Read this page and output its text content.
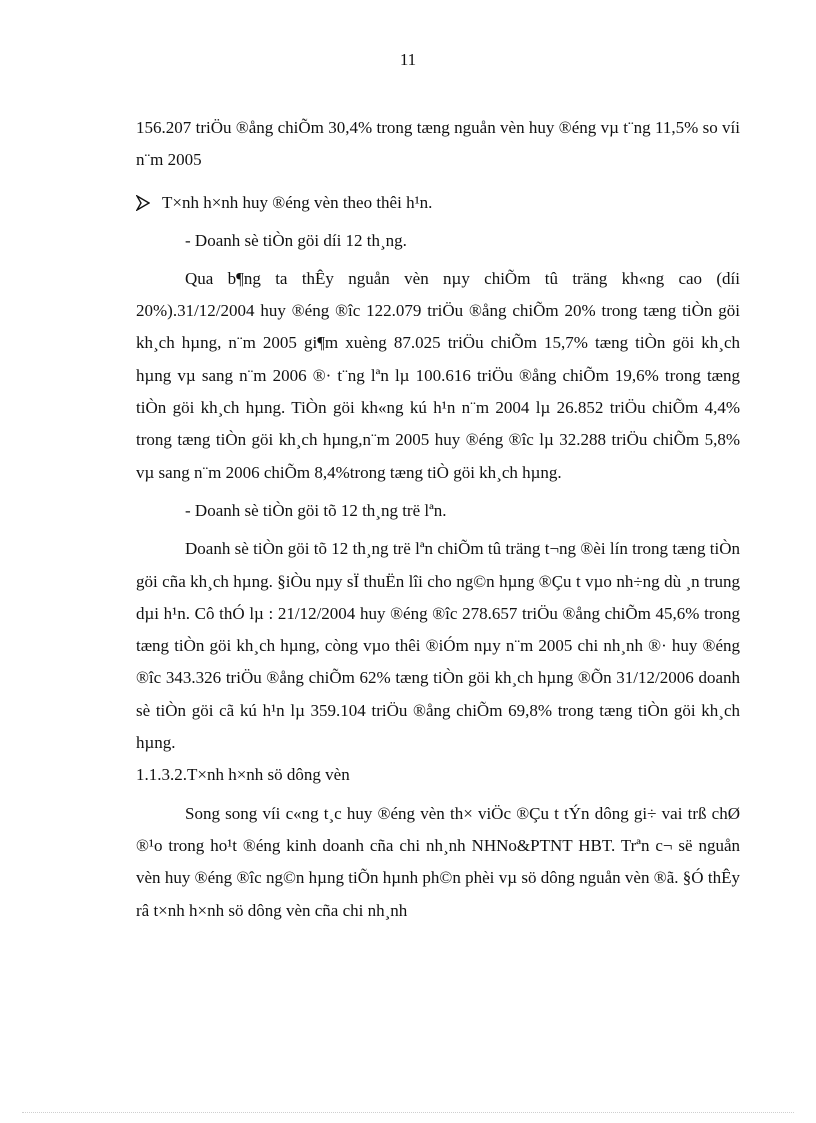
11

156.207 triÖu ®ång chiÕm 30,4% trong tæng nguån vèn huy ®éng vµ t¨ng 11,5% so víi n¨m 2005

T×nh h×nh huy ®éng vèn theo thêi h¹n.

- Doanh sè tiÒn göi díi 12 th¸ng.

Qua b¶ng ta thÊy nguån vèn nµy chiÕm tû träng kh«ng cao (díi 20%).31/12/2004 huy ®éng ®îc 122.079 triÖu ®ång chiÕm 20% trong tæng tiÒn göi kh¸ch hµng, n¨m 2005 gi¶m xuèng 87.025 triÖu chiÕm 15,7% tæng tiÒn göi kh¸ch hµng vµ sang n¨m 2006 ®· t¨ng lªn lµ 100.616 triÖu ®ång chiÕm 19,6% trong tæng tiÒn göi kh¸ch hµng. TiÒn göi kh«ng kú h¹n n¨m 2004 lµ 26.852 triÖu chiÕm 4,4% trong tæng tiÒn göi kh¸ch hµng,n¨m 2005 huy ®éng ®îc lµ 32.288 triÖu chiÕm 5,8% vµ sang n¨m 2006 chiÕm 8,4%trong tæng tiÒ göi kh¸ch hµng.

- Doanh sè tiÒn göi tõ 12 th¸ng trë lªn.

Doanh sè tiÒn göi tõ 12 th¸ng trë lªn chiÕm tû träng t¬ng ®èi lín trong tæng tiÒn göi cña kh¸ch hµng. §iÒu nµy sÏ thuËn lîi cho ng©n hµng ®Çu t vµo nh÷ng dù ¸n trung dµi h¹n. Cô thÓ lµ : 21/12/2004 huy ®éng ®îc 278.657 triÖu ®ång chiÕm 45,6% trong tæng tiÒn göi kh¸ch hµng, còng vµo thêi ®iÓm nµy n¨m 2005 chi nh¸nh ®· huy ®éng ®îc 343.326 triÖu ®ång chiÕm 62% tæng tiÒn göi kh¸ch hµng ®Õn 31/12/2006 doanh sè tiÒn göi cã kú h¹n lµ 359.104 triÖu ®ång chiÕm 69,8% trong tæng tiÒn göi kh¸ch hµng.

1.1.3.2.T×nh h×nh sö dông vèn

Song song víi c«ng t¸c huy ®éng vèn th× viÖc ®Çu t tÝn dông gi÷ vai trß chØ ®¹o trong ho¹t ®éng kinh doanh cña chi nh¸nh NHNo&PTNT HBT. Trªn c¬ së nguån vèn huy ®éng ®îc ng©n hµng tiÕn hµnh ph©n phèi vµ sö dông nguån vèn ®ã. §Ó thÊy râ t×nh h×nh sö dông vèn cña chi nh¸nh
